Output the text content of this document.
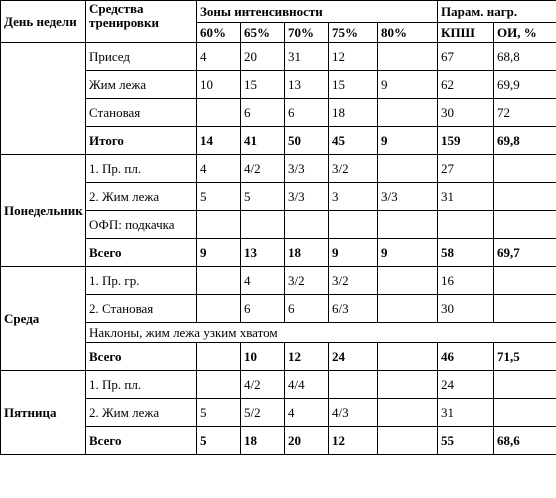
День недели	Средства тренировки	Зоны интенсивности					Парам. нагр.	
		60%	65%	70%	75%	80%	КПШ	ОИ, %
	Присед	4	20	31	12		67	68,8
	Жим лежа	10	15	13	15	9	62	69,9
	Становая		6	6	18		30	72
	Итого	14	41	50	45	9	159	69,8
Понедельник	1. Пр. пл.	4	4/2	3/3	3/2		27	
	2. Жим лежа	5	5	3/3	3	3/3	31	
	ОФП: подкачка							
	Всего	9	13	18	9	9	58	69,7
Среда	1. Пр. гр.		4	3/2	3/2		16	
	2. Становая		6	6	6/3		30	
	Наклоны, жим лежа узким хватом							
	Всего		10	12	24		46	71,5
Пятница	1. Пр. пл.		4/2	4/4			24	
	2. Жим лежа	5	5/2	4	4/3		31	
	Всего	5	18	20	12		55	68,6
